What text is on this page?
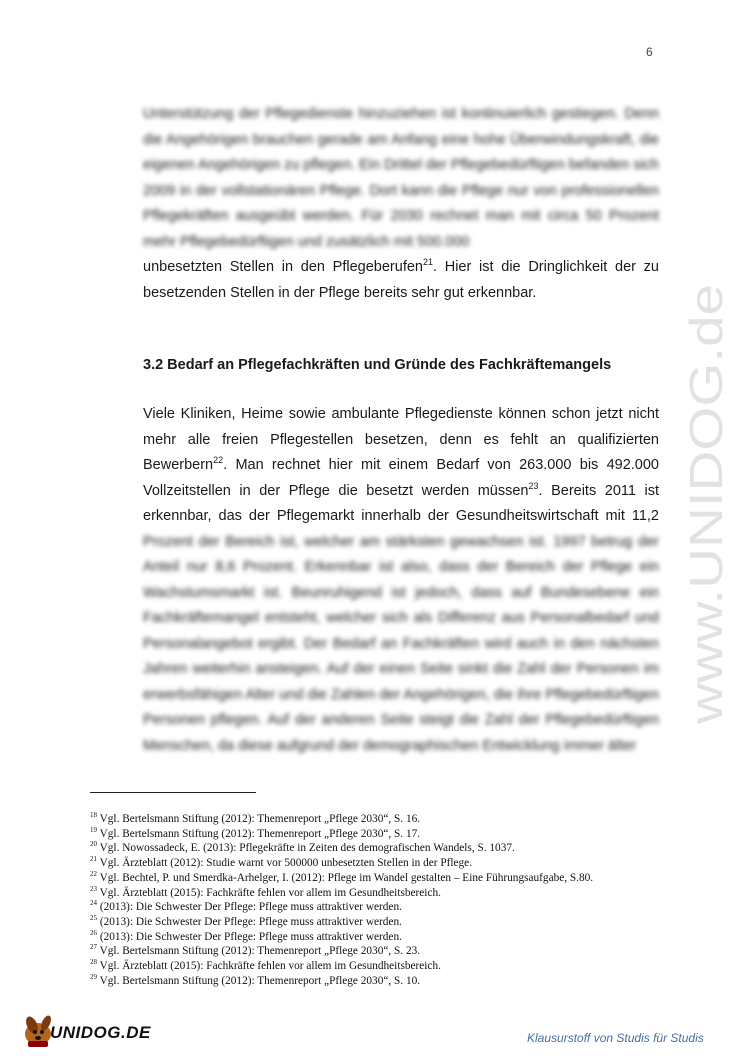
6
www.UNIDOG.de
Unterstützung der Pflegedienste hinzuziehen ist kontinuierlich gestiegen. Denn die Angehörigen brauchen gerade am Anfang eine hohe Überwindungskraft, die eigenen Angehörigen zu pflegen. Ein Drittel der Pflegebedürftigen befanden sich 2009 in der vollstationären Pflege. Dort kann die Pflege nur von professionellen Pflegekräften ausgeübt werden. Für 2030 rechnet man mit circa 50 Prozent mehr Pflegebedürftigen und zusätzlich mit 500.000
unbesetzten Stellen in den Pflegeberufen$^{21}$. Hier ist die Dringlichkeit der zu
besetzenden Stellen in der Pflege bereits sehr gut erkennbar.
3.2 Bedarf an Pflegefachkräften und Gründe des Fachkräftemangels
Viele Kliniken, Heime sowie ambulante Pflegedienste können schon jetzt nicht mehr alle freien Pflegestellen besetzen, denn es fehlt an qualifizierten Bewerbern$^{22}$. Man rechnet hier mit einem Bedarf von 263.000 bis 492.000 Vollzeitstellen in der Pflege die besetzt werden müssen$^{23}$. Bereits 2011 ist erkennbar, das der Pflegemarkt innerhalb der Gesundheitswirtschaft mit 11,2
Prozent der Bereich ist, welcher am stärksten gewachsen ist. 1997 betrug der Anteil nur 8,6 Prozent. Erkennbar ist also, dass der Bereich der Pflege ein Wachstumsmarkt ist. Beunruhigend ist jedoch, dass auf Bundesebene ein Fachkräftemangel entsteht, welcher sich als Differenz aus Personalbedarf und Personalangebot ergibt. Der Bedarf an Fachkräften wird auch in den nächsten Jahren weiterhin ansteigen. Auf der einen Seite sinkt die Zahl der Personen im erwerbsfähigen Alter und die Zahlen der Angehörigen, die ihre Pflegebedürftigen Personen pflegen. Auf der anderen Seite steigt die Zahl der Pflegebedürftigen Menschen, da diese aufgrund der demographischen Entwicklung immer älter
$^{18}$ Vgl. Bertelsmann Stiftung (2012): Themenreport „Pflege 2030“, S. 16.
$^{19}$ Vgl. Bertelsmann Stiftung (2012): Themenreport „Pflege 2030“, S. 17.
$^{20}$ Vgl. Nowossadeck, E. (2013): Pflegekräfte in Zeiten des demografischen Wandels, S. 1037.
$^{21}$ Vgl. Ärzteblatt (2012): Studie warnt vor 500000 unbesetzten Stellen in der Pflege.
$^{22}$ Vgl. Bechtel, P. und Smerdka-Arhelger, I. (2012): Pflege im Wandel gestalten – Eine Führungsaufgabe, S.80.
$^{23}$ Vgl. Ärzteblatt (2015): Fachkräfte fehlen vor allem im Gesundheitsbereich.
$^{24}$ (2013): Die Schwester Der Pflege: Pflege muss attraktiver werden.
$^{25}$ (2013): Die Schwester Der Pflege: Pflege muss attraktiver werden.
$^{26}$ (2013): Die Schwester Der Pflege: Pflege muss attraktiver werden.
$^{27}$ Vgl. Bertelsmann Stiftung (2012): Themenreport „Pflege 2030“, S. 23.
$^{28}$ Vgl. Ärzteblatt (2015): Fachkräfte fehlen vor allem im Gesundheitsbereich.
$^{29}$ Vgl. Bertelsmann Stiftung (2012): Themenreport „Pflege 2030“, S. 10.
UNIDOG.DE	Klausurstoff von Studis für Studis
